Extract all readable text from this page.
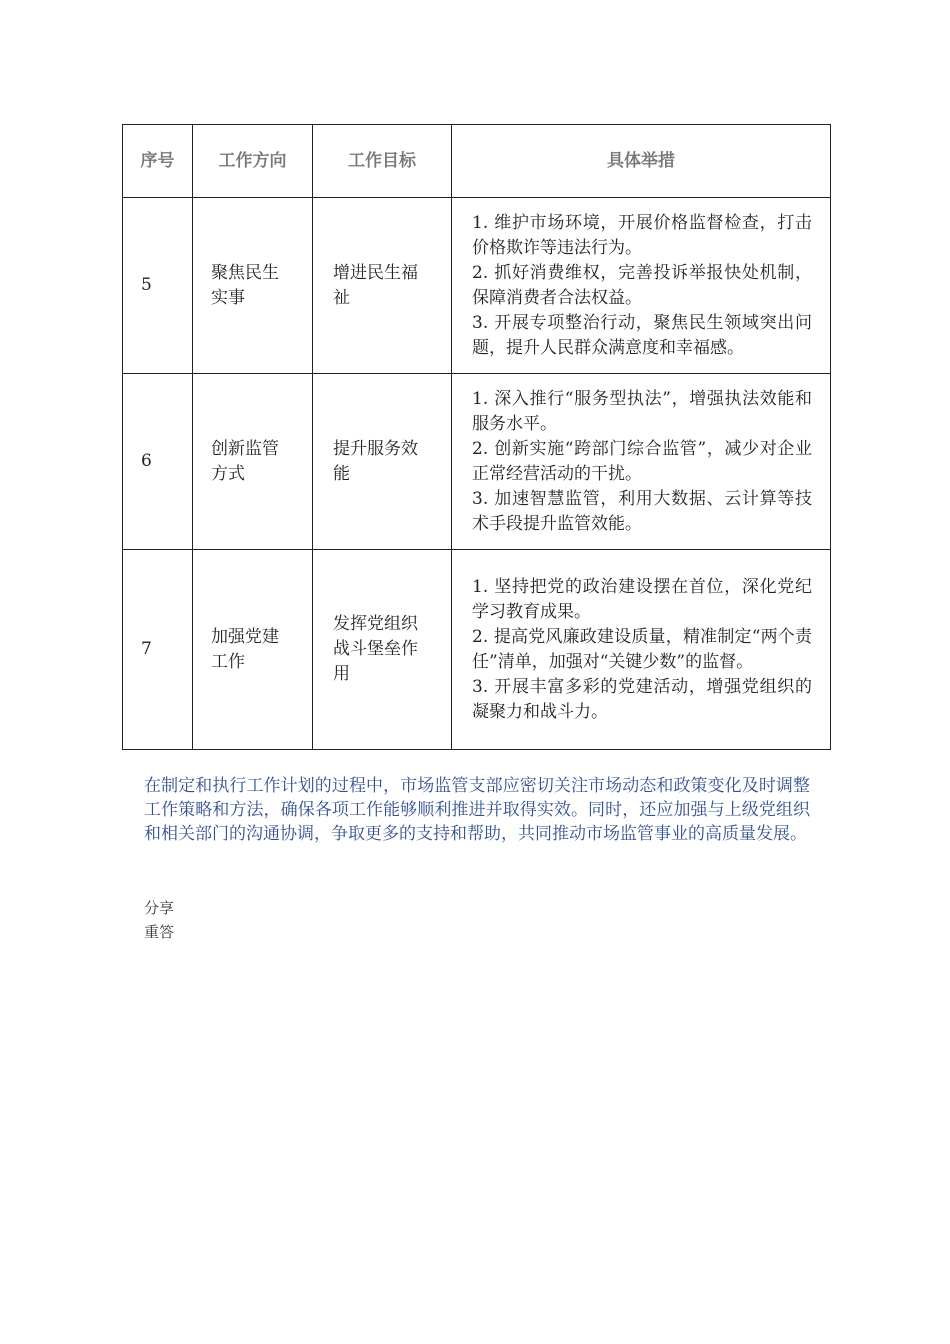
序号	工作方向	工作目标	具体举措
5	聚焦民生实事	增进民生福祉	1. 维护市场环境，开展价格监督检查，打击价格欺诈等违法行为。
2. 抓好消费维权，完善投诉举报快处机制，保障消费者合法权益。
3. 开展专项整治行动，聚焦民生领域突出问题，提升人民群众满意度和幸福感。

6	创新监管方式	提升服务效能	1. 深入推行“服务型执法”，增强执法效能和服务水平。
2. 创新实施“跨部门综合监管”，减少对企业正常经营活动的干扰。
3. 加速智慧监管，利用大数据、云计算等技术手段提升监管效能。

7	加强党建工作	发挥党组织战斗堡垒作用	1. 坚持把党的政治建设摆在首位，深化党纪学习教育成果。
2. 提高党风廉政建设质量，精准制定“两个责任”清单，加强对“关键少数”的监督。
3. 开展丰富多彩的党建活动，增强党组织的凝聚力和战斗力。

在制定和执行工作计划的过程中，市场监管支部应密切关注市场动态和政策变化及时调整工作策略和方法，确保各项工作能够顺利推进并取得实效。同时，还应加强与上级党组织和相关部门的沟通协调，争取更多的支持和帮助，共同推动市场监管事业的高质量发展。

分享
重答
